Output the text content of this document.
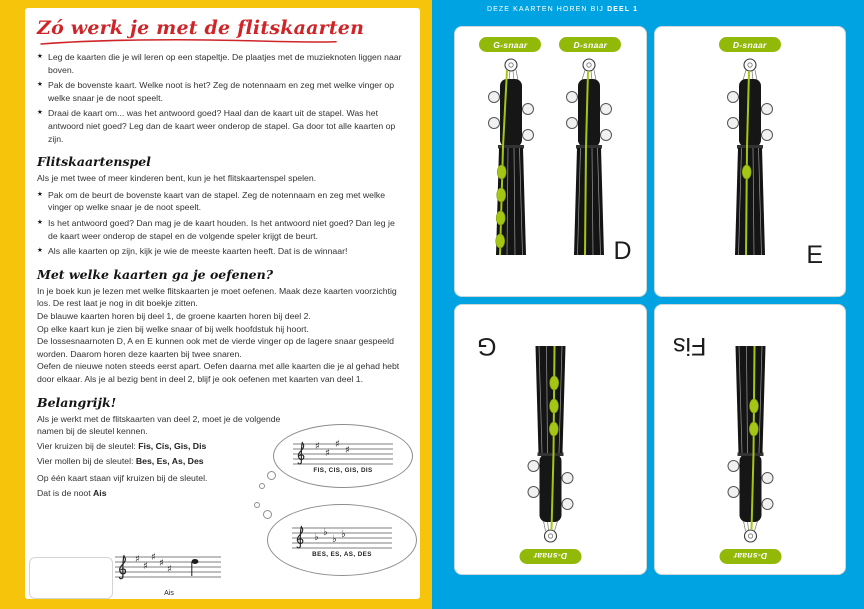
Zó werk je met de flitskaarten
★ Leg de kaarten die je wil leren op een stapeltje. De plaatjes met de muzieknoten liggen naar boven.
★ Pak de bovenste kaart. Welke noot is het? Zeg de notennaam en zeg met welke vinger op welke snaar je de noot speelt.
★ Draai de kaart om... was het antwoord goed? Haal dan de kaart uit de stapel. Was het antwoord niet goed? Leg dan de kaart weer onderop de stapel. Ga door tot alle kaarten op zijn.
Flitskaartenspel

Als je met twee of meer kinderen bent, kun je het flitskaartenspel spelen.

★ Pak om de beurt de bovenste kaart van de stapel. Zeg de notennaam en zeg met welke vinger op welke snaar je de noot speelt.
★ Is het antwoord goed? Dan mag je de kaart houden. Is het antwoord niet goed? Dan leg je de kaart weer onderop de stapel en de volgende speler krijgt de beurt.
★ Als alle kaarten op zijn, kijk je wie de meeste kaarten heeft. Dat is de winnaar!
Met welke kaarten ga je oefenen?

In je boek kun je lezen met welke flitskaarten je moet oefenen. Maak deze kaarten voorzichtig los. De rest laat je nog in dit boekje zitten.

De blauwe kaarten horen bij deel 1, de groene kaarten horen bij deel 2.

Op elke kaart kun je zien bij welke snaar of bij welk hoofdstuk hij hoort.

De lossesnaarnoten D, A en E kunnen ook met de vierde vinger op de lagere snaar gespeeld worden. Daarom horen deze kaarten bij twee snaren.

Oefen de nieuwe noten steeds eerst apart. Oefen daarna met alle kaarten die je al gehad hebt door elkaar. Als je al bezig bent in deel 2, blijf je ook oefenen met kaarten van deel 1.

Belangrijk!

Als je werkt met de flitskaarten van deel 2, moet je de volgende namen bij de sleutel kennen.

Vier kruizen bij de sleutel: Fis, Cis, Gis, Dis

Vier mollen bij de sleutel: Bes, Es, As, Des

Op één kaart staan vijf kruizen bij de sleutel.

Dat is de noot Ais

♯
♯
♯
♯
FIS, CIS, GIS, DIS
♭ ♭
♭ ♭
BES, ES, AS, DES
♯
♯
♯
♯
♯
Ais
DEZE KAARTEN HOREN BIJ DEEL 1
G-snaar	D-snaar
D
D-snaar
E
D-snaar
G
D-snaar
Fis
